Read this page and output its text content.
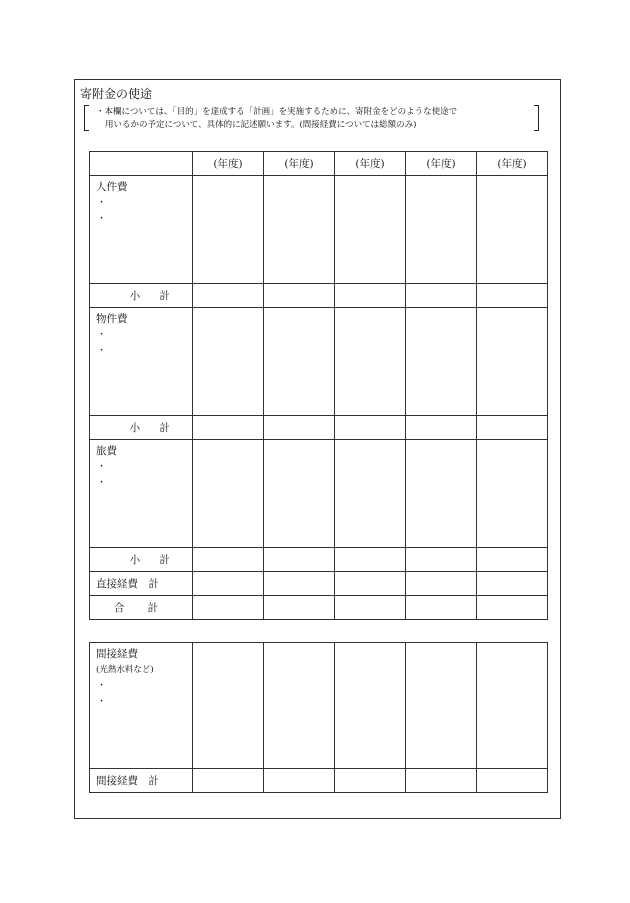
寄附金の使途
・本欄については、「目的」を達成する「計画」を実施するために、寄附金をどのような使途で
用いるかの予定について、具体的に記述願います。(間接経費については総額のみ)
	(年度)	(年度)	(年度)	(年度)	(年度)

人件費
・
・					

小 計					

物件費
・
・					

小 計					

旅費
・
・					

小 計					
直接経費　計					
合 計					
間接経費
(光熱水料など)
・
・					

間接経費　計					
